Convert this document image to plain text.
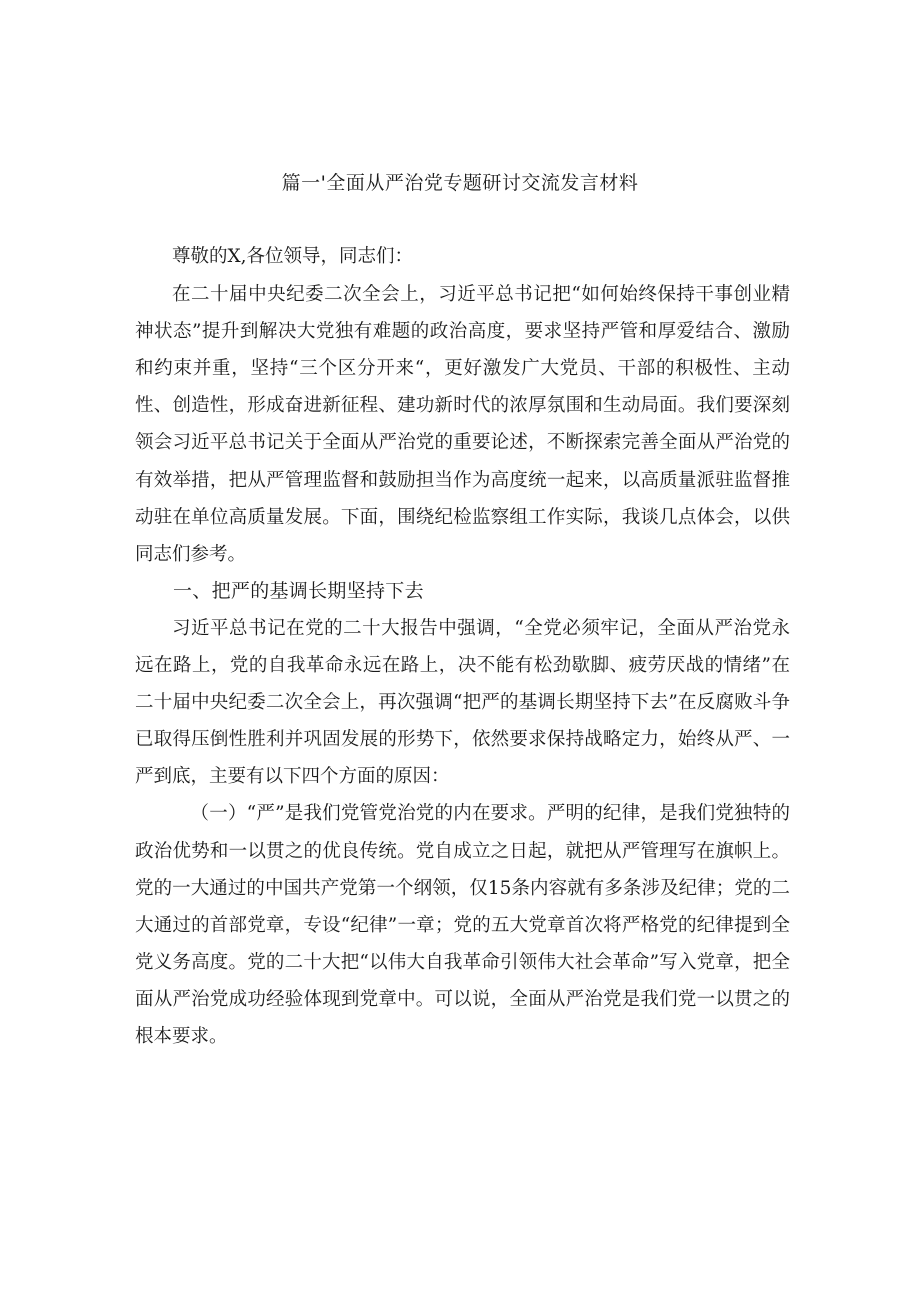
篇一'全面从严治党专题研讨交流发言材料

尊敬的X,各位领导，同志们：

在二十届中央纪委二次全会上，习近平总书记把“如何始终保持干事创业精神状态”提升到解决大党独有难题的政治高度，要求坚持严管和厚爱结合、激励和约束并重，坚持“三个区分开来“，更好激发广大党员、干部的积极性、主动性、创造性，形成奋进新征程、建功新时代的浓厚氛围和生动局面。我们要深刻领会习近平总书记关于全面从严治党的重要论述，不断探索完善全面从严治党的有效举措，把从严管理监督和鼓励担当作为高度统一起来，以高质量派驻监督推动驻在单位高质量发展。下面，围绕纪检监察组工作实际，我谈几点体会，以供同志们参考。

一、把严的基调长期坚持下去

习近平总书记在党的二十大报告中强调，“全党必须牢记，全面从严治党永远在路上，党的自我革命永远在路上，决不能有松劲歇脚、疲劳厌战的情绪”在二十届中央纪委二次全会上，再次强调“把严的基调长期坚持下去”在反腐败斗争已取得压倒性胜利并巩固发展的形势下，依然要求保持战略定力，始终从严、一严到底，主要有以下四个方面的原因：

（一）“严”是我们党管党治党的内在要求。严明的纪律，是我们党独特的政治优势和一以贯之的优良传统。党自成立之日起，就把从严管理写在旗帜上。党的一大通过的中国共产党第一个纲领，仅15条内容就有多条涉及纪律；党的二大通过的首部党章，专设“纪律”一章；党的五大党章首次将严格党的纪律提到全党义务高度。党的二十大把“以伟大自我革命引领伟大社会革命”写入党章，把全面从严治党成功经验体现到党章中。可以说，全面从严治党是我们党一以贯之的根本要求。
